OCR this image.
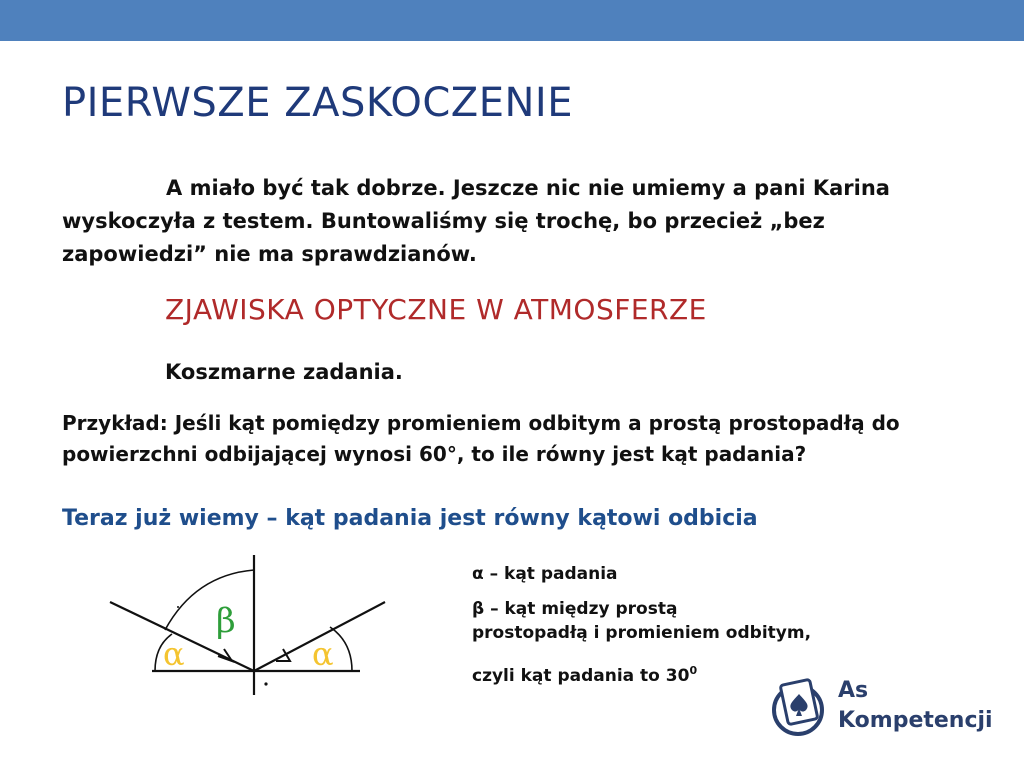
PIERWSZE ZASKOCZENIE
A miało być tak dobrze. Jeszcze nic nie umiemy a pani Karina wyskoczyła z testem. Buntowaliśmy się trochę, bo przecież „bez zapowiedzi” nie ma sprawdzianów.
ZJAWISKA OPTYCZNE W ATMOSFERZE
Koszmarne zadania.
Przykład: Jeśli kąt pomiędzy promieniem odbitym a prostą prostopadłą do powierzchni odbijającej wynosi 60°, to ile równy jest kąt padania?
Teraz już wiemy – kąt padania jest równy kątowi odbicia
β
α	α
α – kąt padania
β – kąt między prostą
prostopadłą i promieniem odbitym,
czyli kąt padania to $30^0$
As
Kompetencji
